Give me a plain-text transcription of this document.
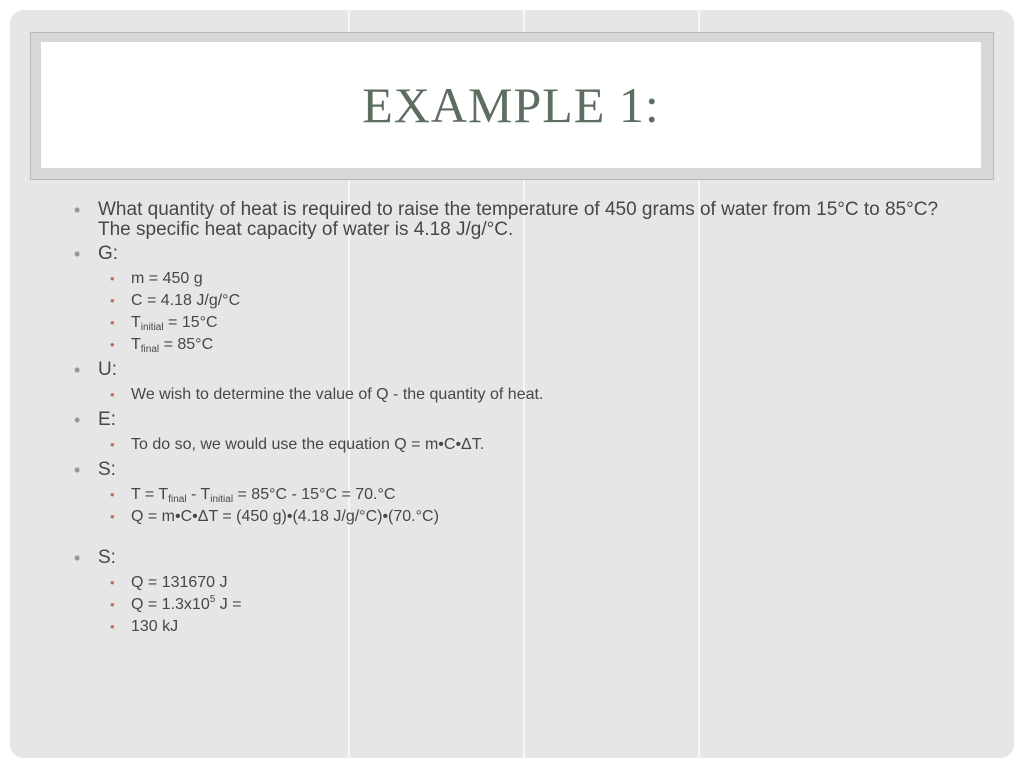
EXAMPLE 1:
• What quantity of heat is required to raise the temperature of 450 grams of water from 15°C to 85°C? The specific heat capacity of water is 4.18 J/g/°C.
• G:
• m = 450 g
• C = 4.18 J/g/°C
• $T_{initial} = 15^\circ C$
• $T_{final} = 85^\circ C$
• U:
• We wish to determine the value of Q - the quantity of heat.
• E:
• To do so, we would use the equation Q = m•C•ΔT.
• S:
• $T = T_{final} - T_{initial} = 85^\circ C - 15^\circ C = 70.^\circ C$
• Q = m•C•ΔT = (450 g)•(4.18 J/g/°C)•(70.°C)
• S:
• Q = 131670 J
• $Q = 1.3x10^5$ J =
• 130 kJ
